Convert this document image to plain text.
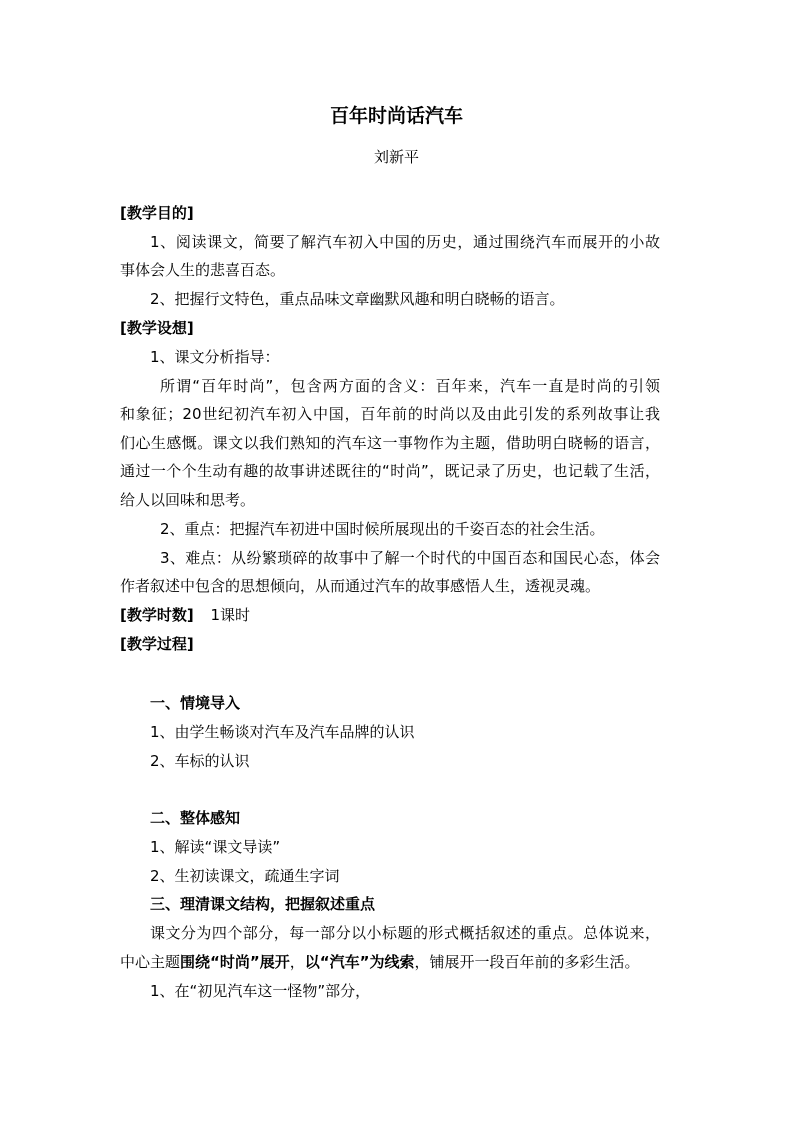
百年时尚话汽车
刘新平
[教学目的]
1、阅读课文，简要了解汽车初入中国的历史，通过围绕汽车而展开的小故
事体会人生的悲喜百态。
2、把握行文特色，重点品味文章幽默风趣和明白晓畅的语言。
[教学设想]
1、课文分析指导：
所谓“百年时尚”，包含两方面的含义：百年来，汽车一直是时尚的引领
和象征；20世纪初汽车初入中国，百年前的时尚以及由此引发的系列故事让我
们心生感慨。课文以我们熟知的汽车这一事物作为主题，借助明白晓畅的语言，
通过一个个生动有趣的故事讲述既往的“时尚”，既记录了历史，也记载了生活，
给人以回味和思考。
2、重点：把握汽车初进中国时候所展现出的千姿百态的社会生活。
3、难点：从纷繁琐碎的故事中了解一个时代的中国百态和国民心态，体会
作者叙述中包含的思想倾向，从而通过汽车的故事感悟人生，透视灵魂。
[教学时数] 1课时
[教学过程]
一、情境导入
1、由学生畅谈对汽车及汽车品牌的认识
2、车标的认识
二、整体感知
1、解读“课文导读”
2、生初读课文，疏通生字词
三、理清课文结构，把握叙述重点
课文分为四个部分，每一部分以小标题的形式概括叙述的重点。总体说来，
中心主题围绕“时尚”展开，以“汽车”为线索，铺展开一段百年前的多彩生活。
1、在“初见汽车这一怪物”部分，
